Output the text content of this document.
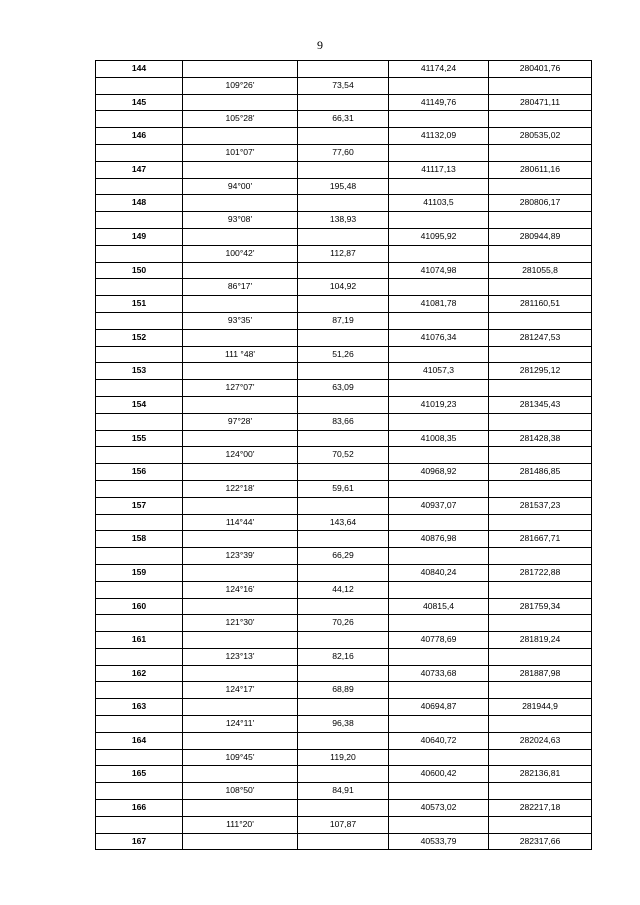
9
144			41174,24	280401,76
	109°26'	73,54		
145			41149,76	280471,11
	105°28'	66,31		
146			41132,09	280535,02
	101°07'	77,60		
147			41117,13	280611,16
	94°00'	195,48		
148			41103,5	280806,17
	93°08'	138,93		
149			41095,92	280944,89
	100°42'	112,87		
150			41074,98	281055,8
	86°17'	104,92		
151			41081,78	281160,51
	93°35'	87,19		
152			41076,34	281247,53
	111 °48'	51,26		
153			41057,3	281295,12
	127°07'	63,09		
154			41019,23	281345,43
	97°28'	83,66		
155			41008,35	281428,38
	124°00'	70,52		
156			40968,92	281486,85
	122°18'	59,61		
157			40937,07	281537,23
	114°44'	143,64		
158			40876,98	281667,71
	123°39'	66,29		
159			40840,24	281722,88
	124°16'	44,12		
160			40815,4	281759,34
	121°30'	70,26		
161			40778,69	281819,24
	123°13'	82,16		
162			40733,68	281887,98
	124°17'	68,89		
163			40694,87	281944,9
	124°11'	96,38		
164			40640,72	282024,63
	109°45'	119,20		
165			40600,42	282136,81
	108°50'	84,91		
166			40573,02	282217,18
	111°20'	107,87		
167			40533,79	282317,66
